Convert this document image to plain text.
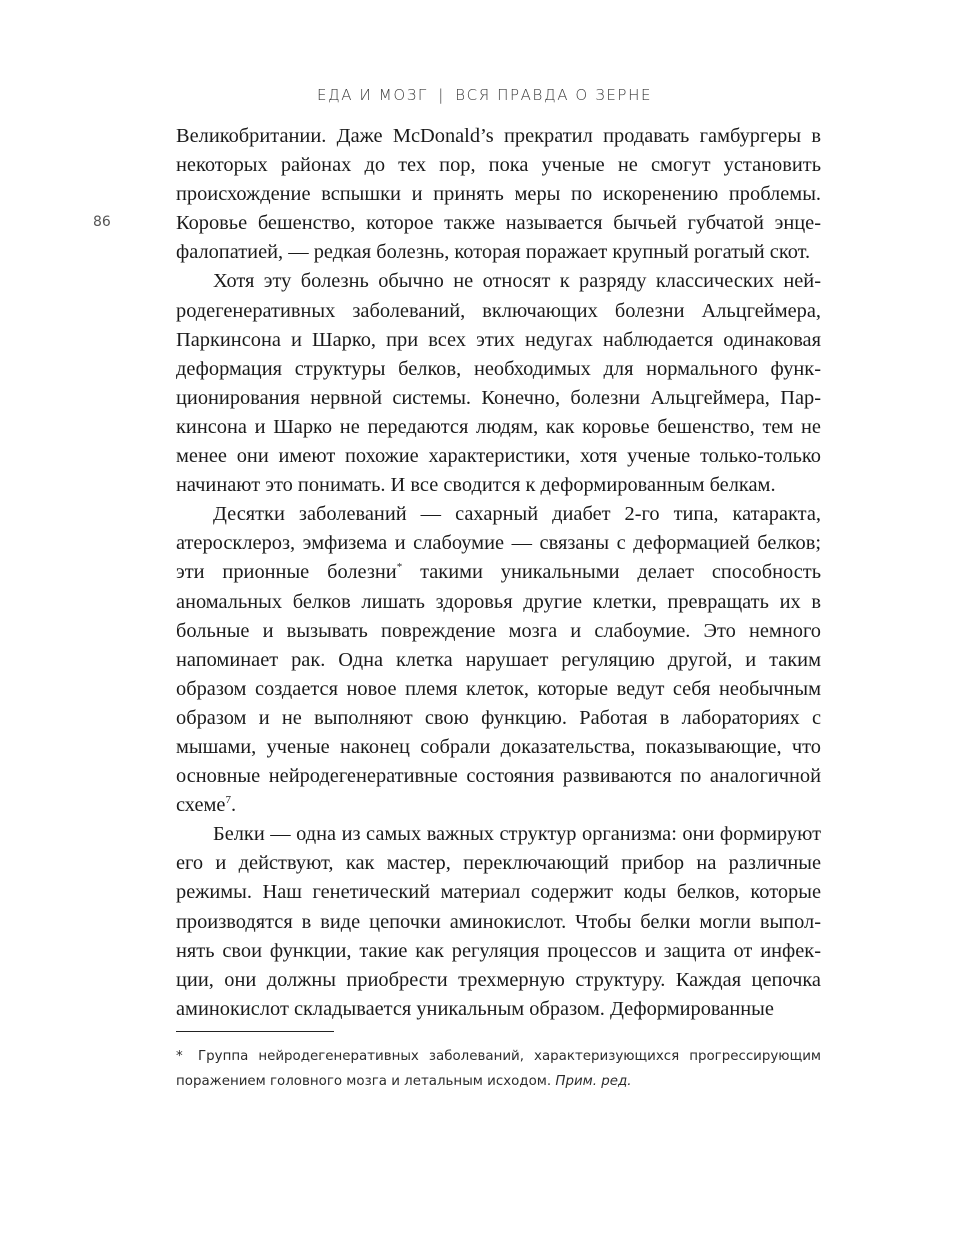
ЕДА И МОЗГ | ВСЯ ПРАВДА О ЗЕРНЕ
86

Великобритании. Даже McDonald’s прекратил продавать гамбургеры в некоторых районах до тех пор, пока ученые не смогут установить происхождение вспышки и принять меры по искоренению проблемы. Коровье бешенство, которое также называется бычьей губчатой энцефалопатией, — редкая болезнь, которая поражает крупный рогатый скот.

Хотя эту болезнь обычно не относят к разряду классических нейродегенеративных заболеваний, включающих болезни Альцгеймера, Паркинсона и Шарко, при всех этих недугах наблюдается одинаковая деформация структуры белков, необходимых для нормального функционирования нервной системы. Конечно, болезни Альцгеймера, Паркинсона и Шарко не передаются людям, как коровье бешенство, тем не менее они имеют похожие характеристики, хотя ученые только-только начинают это понимать. И все сводится к деформированным белкам.

Десятки заболеваний — сахарный диабет 2-го типа, катаракта, атеросклероз, эмфизема и слабоумие — связаны с деформацией белков; эти прионные болезни* такими уникальными делает способность аномальных белков лишать здоровья другие клетки, превращать их в больные и вызывать повреждение мозга и слабоумие. Это немного напоминает рак. Одна клетка нарушает регуляцию другой, и таким образом создается новое племя клеток, которые ведут себя необычным образом и не выполняют свою функцию. Работая в лабораториях с мышами, ученые наконец собрали доказательства, показывающие, что основные нейродегенеративные состояния развиваются по аналогичной схеме$^7$.

Белки — одна из самых важных структур организма: они формируют его и действуют, как мастер, переключающий прибор на различные режимы. Наш генетический материал содержит коды белков, которые производятся в виде цепочки аминокислот. Чтобы белки могли выполнять свои функции, такие как регуляция процессов и защита от инфекции, они должны приобрести трехмерную структуру. Каждая цепочка аминокислот складывается уникальным образом. Деформированные

* Группа нейродегенеративных заболеваний, характеризующихся прогрессирующим поражением головного мозга и летальным исходом. Прим. ред.
